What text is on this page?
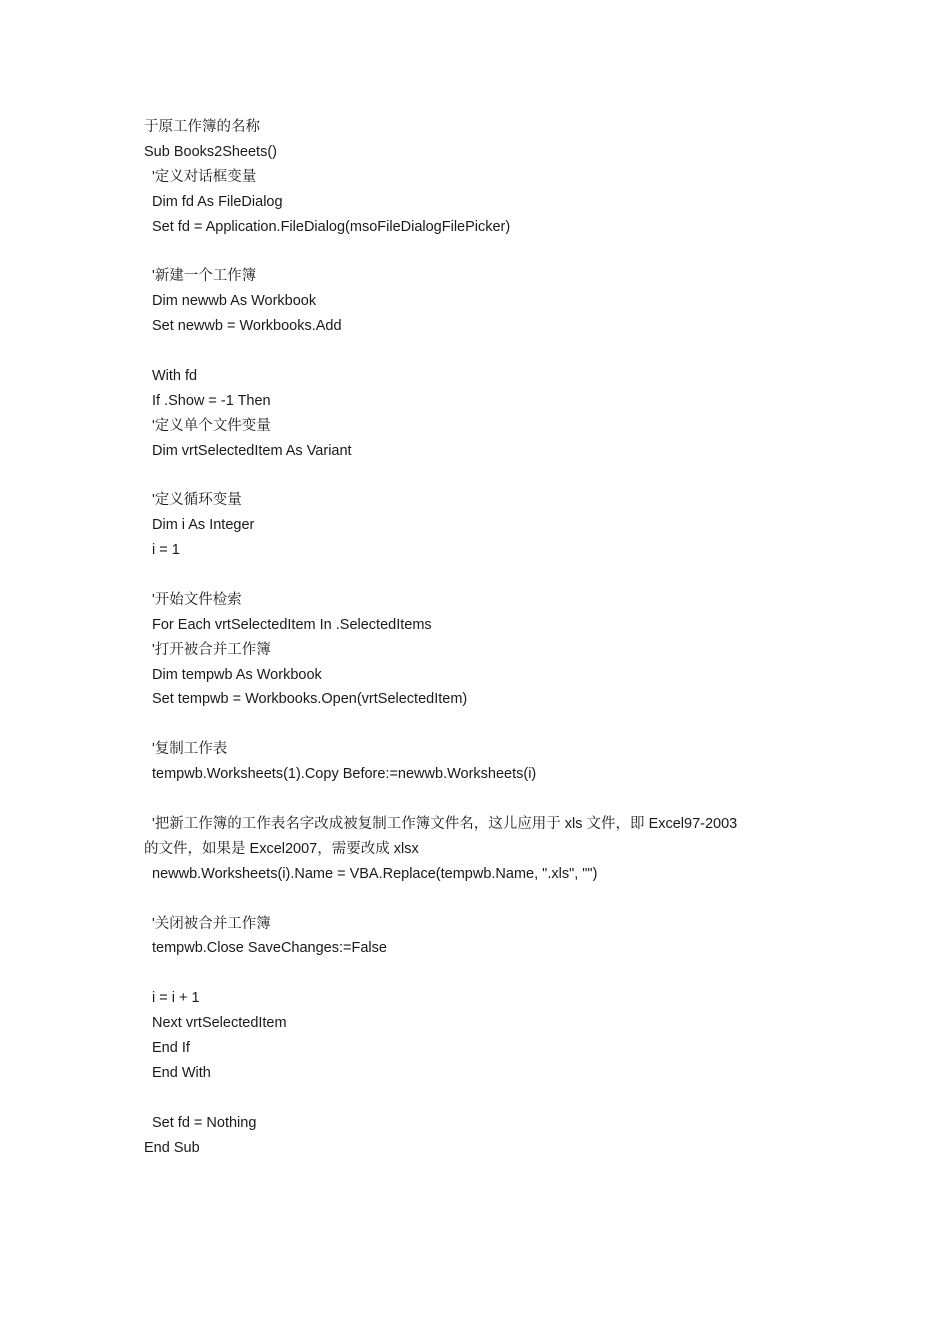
于原工作簿的名称
Sub Books2Sheets()
'定义对话框变量
Dim fd As FileDialog
Set fd = Application.FileDialog(msoFileDialogFilePicker)
'新建一个工作簿
Dim newwb As Workbook
Set newwb = Workbooks.Add
With fd
If .Show = -1 Then
'定义单个文件变量
Dim vrtSelectedItem As Variant
'定义循环变量
Dim i As Integer
i = 1
'开始文件检索
For Each vrtSelectedItem In .SelectedItems
'打开被合并工作簿
Dim tempwb As Workbook
Set tempwb = Workbooks.Open(vrtSelectedItem)
'复制工作表
tempwb.Worksheets(1).Copy Before:=newwb.Worksheets(i)
'把新工作簿的工作表名字改成被复制工作簿文件名，这儿应用于 xls 文件，即 Excel97-2003
的文件，如果是 Excel2007，需要改成 xlsx
newwb.Worksheets(i).Name = VBA.Replace(tempwb.Name, ".xls", "")
'关闭被合并工作簿
tempwb.Close SaveChanges:=False
i = i + 1
Next vrtSelectedItem
End If
End With
Set fd = Nothing
End Sub
